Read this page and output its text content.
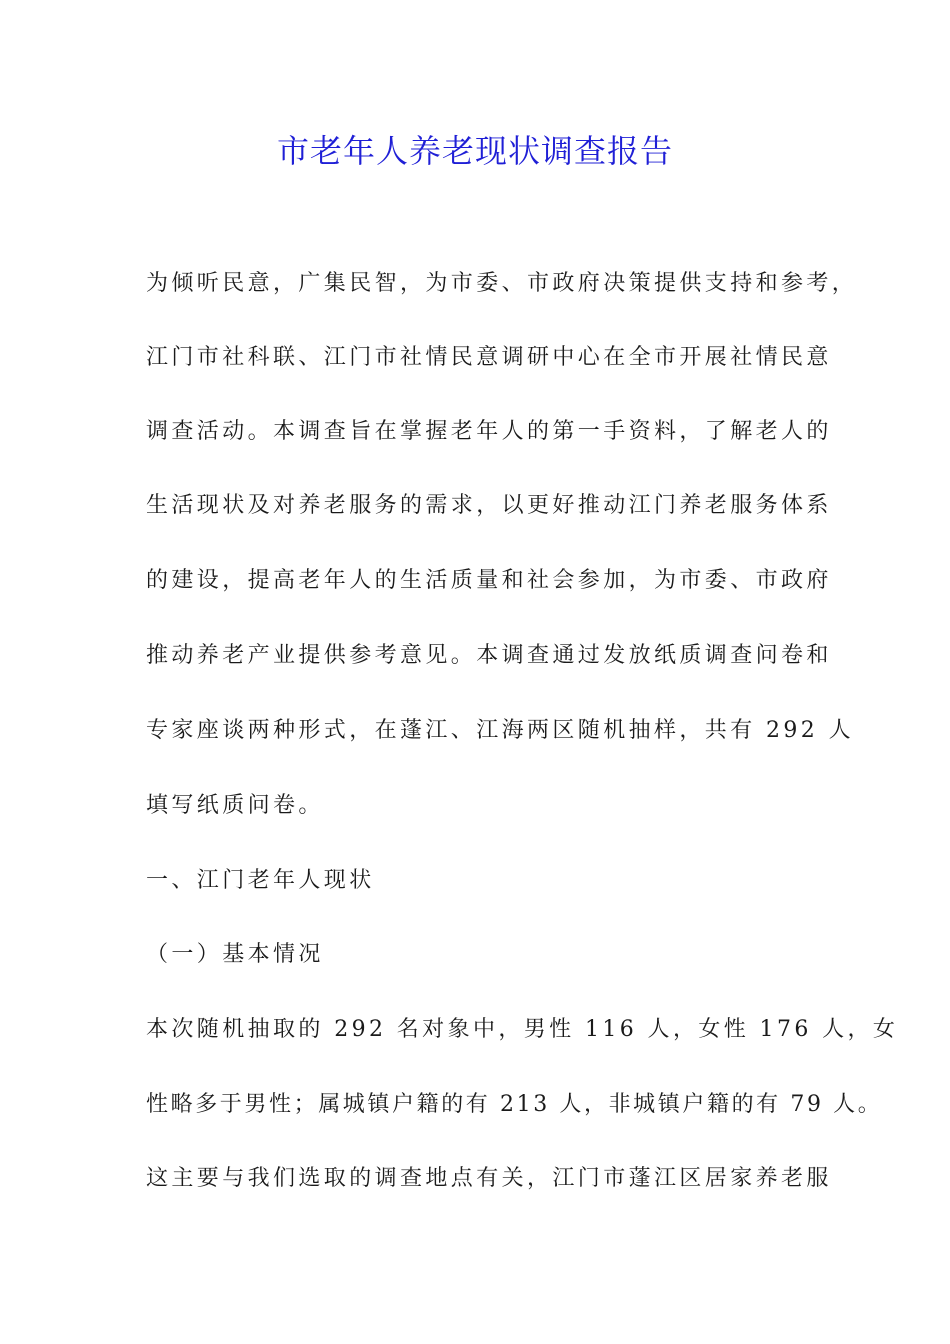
市老年人养老现状调查报告

为倾听民意，广集民智，为市委、市政府决策提供支持和参考，

江门市社科联、江门市社情民意调研中心在全市开展社情民意

调查活动。本调查旨在掌握老年人的第一手资料，了解老人的

生活现状及对养老服务的需求，以更好推动江门养老服务体系

的建设，提高老年人的生活质量和社会参加，为市委、市政府

推动养老产业提供参考意见。本调查通过发放纸质调查问卷和

专家座谈两种形式，在蓬江、江海两区随机抽样，共有 292 人

填写纸质问卷。

一、江门老年人现状

（一）基本情况

本次随机抽取的 292 名对象中，男性 116 人，女性 176 人，女

性略多于男性；属城镇户籍的有 213 人，非城镇户籍的有 79 人。

这主要与我们选取的调查地点有关，江门市蓬江区居家养老服
